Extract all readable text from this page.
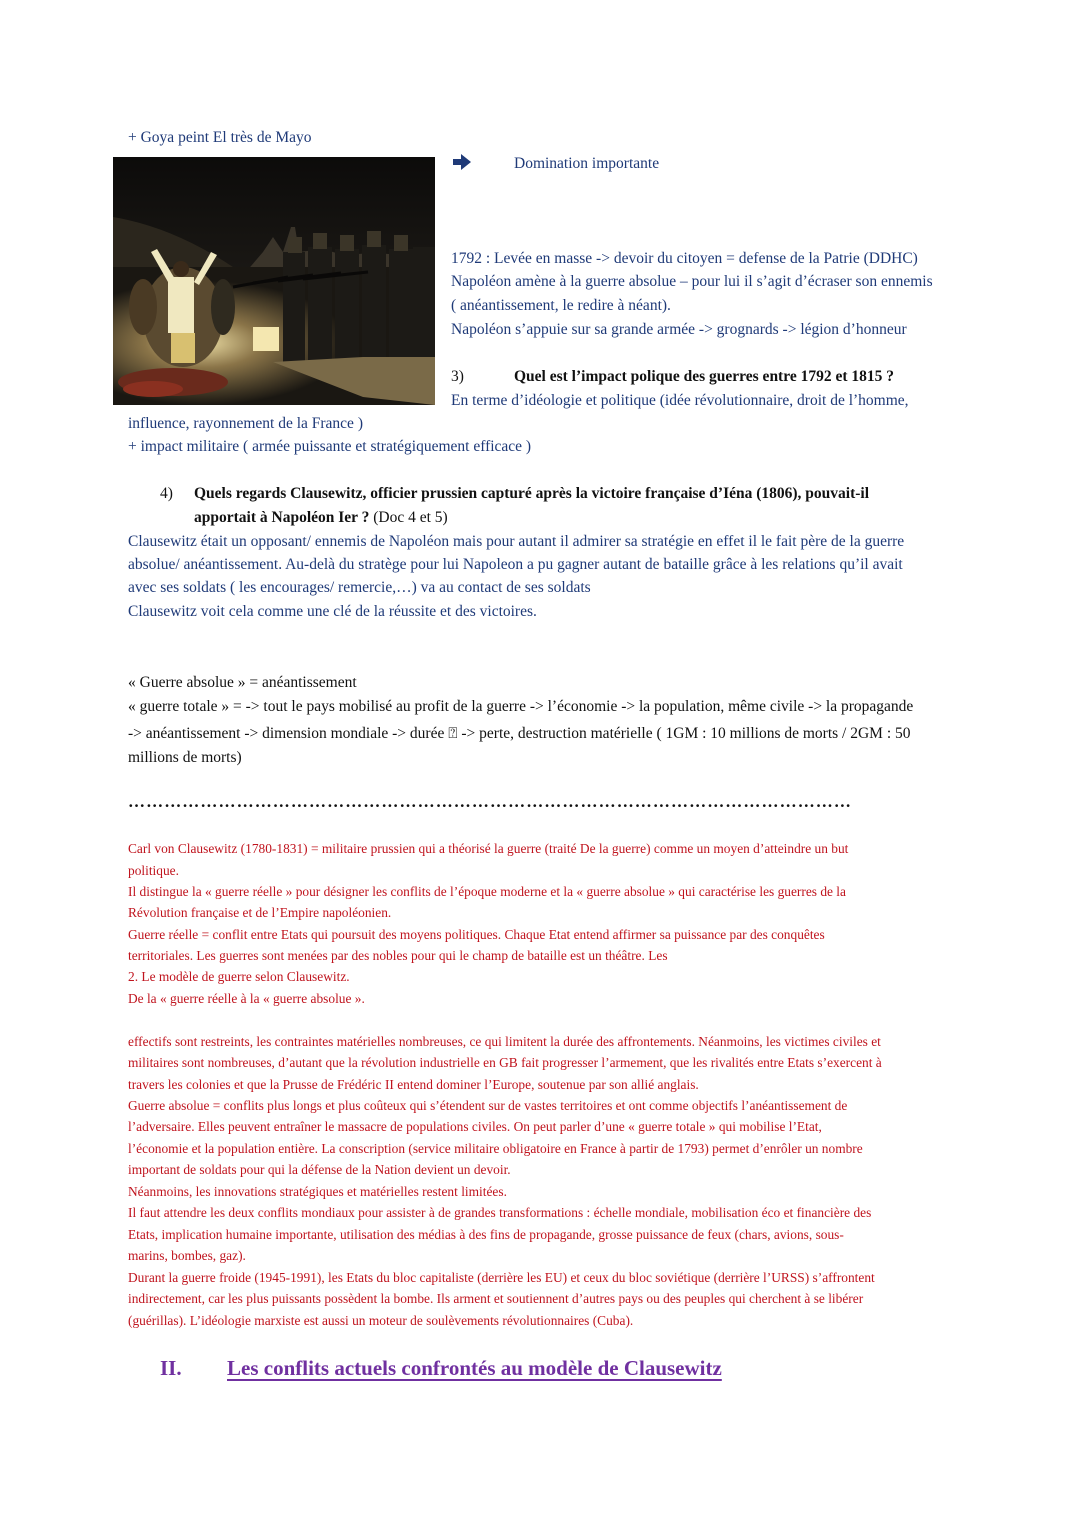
+ Goya peint El très de Mayo
Domination importante
1792 : Levée en masse -> devoir du citoyen = defense de la Patrie (DDHC)
Napoléon amène à la guerre absolue – pour lui il s’agit d’écraser son ennemis
( anéantissement, le redire à néant).
Napoléon s’appuie sur sa grande armée -> grognards -> légion d’honneur
3)	Quel est l’impact polique des guerres entre 1792 et 1815 ?
En terme d’idéologie et politique (idée révolutionnaire, droit de l’homme,
influence, rayonnement de la France )
+ impact militaire ( armée puissante et stratégiquement efficace )
4) Quels regards Clausewitz, officier prussien capturé après la victoire française d’Iéna (1806), pouvait-il
apportait à Napoléon Ier ? (Doc 4 et 5)
Clausewitz était un opposant/ ennemis de Napoléon mais pour autant il admirer sa stratégie en effet il le fait père de la guerre
absolue/ anéantissement. Au-delà du stratège pour lui Napoleon a pu gagner autant de bataille grâce à les relations qu’il avait
avec ses soldats ( les encourages/ remercie,…) va au contact de ses soldats
Clausewitz voit cela comme une clé de la réussite et des victoires.
« Guerre absolue » = anéantissement
« guerre totale » = -> tout le pays mobilisé au profit de la guerre -> l’économie -> la population, même civile -> la propagande
-> anéantissement -> dimension mondiale -> durée ⍰ -> perte, destruction matérielle ( 1GM : 10 millions de morts / 2GM : 50
millions de morts)
…………………………………………………………………………………………………………
Carl von Clausewitz (1780-1831) = militaire prussien qui a théorisé la guerre (traité De la guerre) comme un moyen d’atteindre un but
politique.
Il distingue la « guerre réelle » pour désigner les conflits de l’époque moderne et la « guerre absolue » qui caractérise les guerres de la
Révolution française et de l’Empire napoléonien.
Guerre réelle = conflit entre Etats qui poursuit des moyens politiques. Chaque Etat entend affirmer sa puissance par des conquêtes
territoriales. Les guerres sont menées par des nobles pour qui le champ de bataille est un théâtre. Les
2. Le modèle de guerre selon Clausewitz.
De la « guerre réelle à la « guerre absolue ».
effectifs sont restreints, les contraintes matérielles nombreuses, ce qui limitent la durée des affrontements. Néanmoins, les victimes civiles et
militaires sont nombreuses, d’autant que la révolution industrielle en GB fait progresser l’armement, que les rivalités entre Etats s’exercent à
travers les colonies et que la Prusse de Frédéric II entend dominer l’Europe, soutenue par son allié anglais.
Guerre absolue = conflits plus longs et plus coûteux qui s’étendent sur de vastes territoires et ont comme objectifs l’anéantissement de
l’adversaire. Elles peuvent entraîner le massacre de populations civiles. On peut parler d’une « guerre totale » qui mobilise l’Etat,
l’économie et la population entière. La conscription (service militaire obligatoire en France à partir de 1793) permet d’enrôler un nombre
important de soldats pour qui la défense de la Nation devient un devoir.
Néanmoins, les innovations stratégiques et matérielles restent limitées.
Il faut attendre les deux conflits mondiaux pour assister à de grandes transformations : échelle mondiale, mobilisation éco et financière des
Etats, implication humaine importante, utilisation des médias à des fins de propagande, grosse puissance de feux (chars, avions, sous-
marins, bombes, gaz).
Durant la guerre froide (1945-1991), les Etats du bloc capitaliste (derrière les EU) et ceux du bloc soviétique (derrière l’URSS) s’affrontent
indirectement, car les plus puissants possèdent la bombe. Ils arment et soutiennent d’autres pays ou des peuples qui cherchent à se libérer
(guérillas). L’idéologie marxiste est aussi un moteur de soulèvements révolutionnaires (Cuba).
II. Les conflits actuels confrontés au modèle de Clausewitz
